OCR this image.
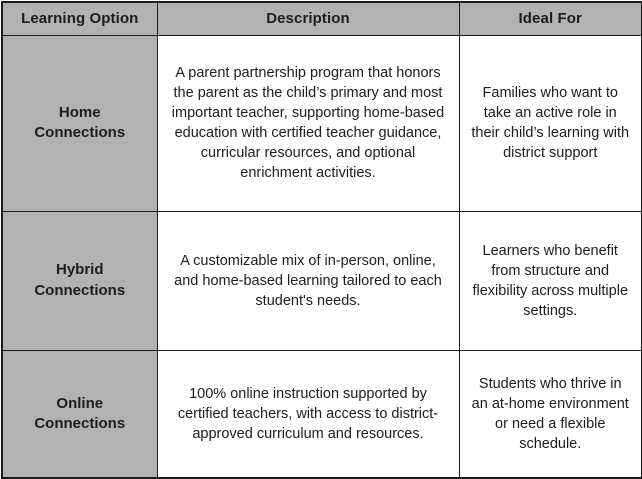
Learning Option	Description	Ideal For
Home Connections	A parent partnership program that honors the parent as the child’s primary and most important teacher, supporting home-based education with certified teacher guidance, curricular resources, and optional enrichment activities.	Families who want to take an active role in their child’s learning with district support
Hybrid Connections	A customizable mix of in-person, online, and home-based learning tailored to each student's needs.	Learners who benefit from structure and flexibility across multiple settings.
Online Connections	100% online instruction supported by certified teachers, with access to district-approved curriculum and resources.	Students who thrive in an at-home environment or need a flexible schedule.
